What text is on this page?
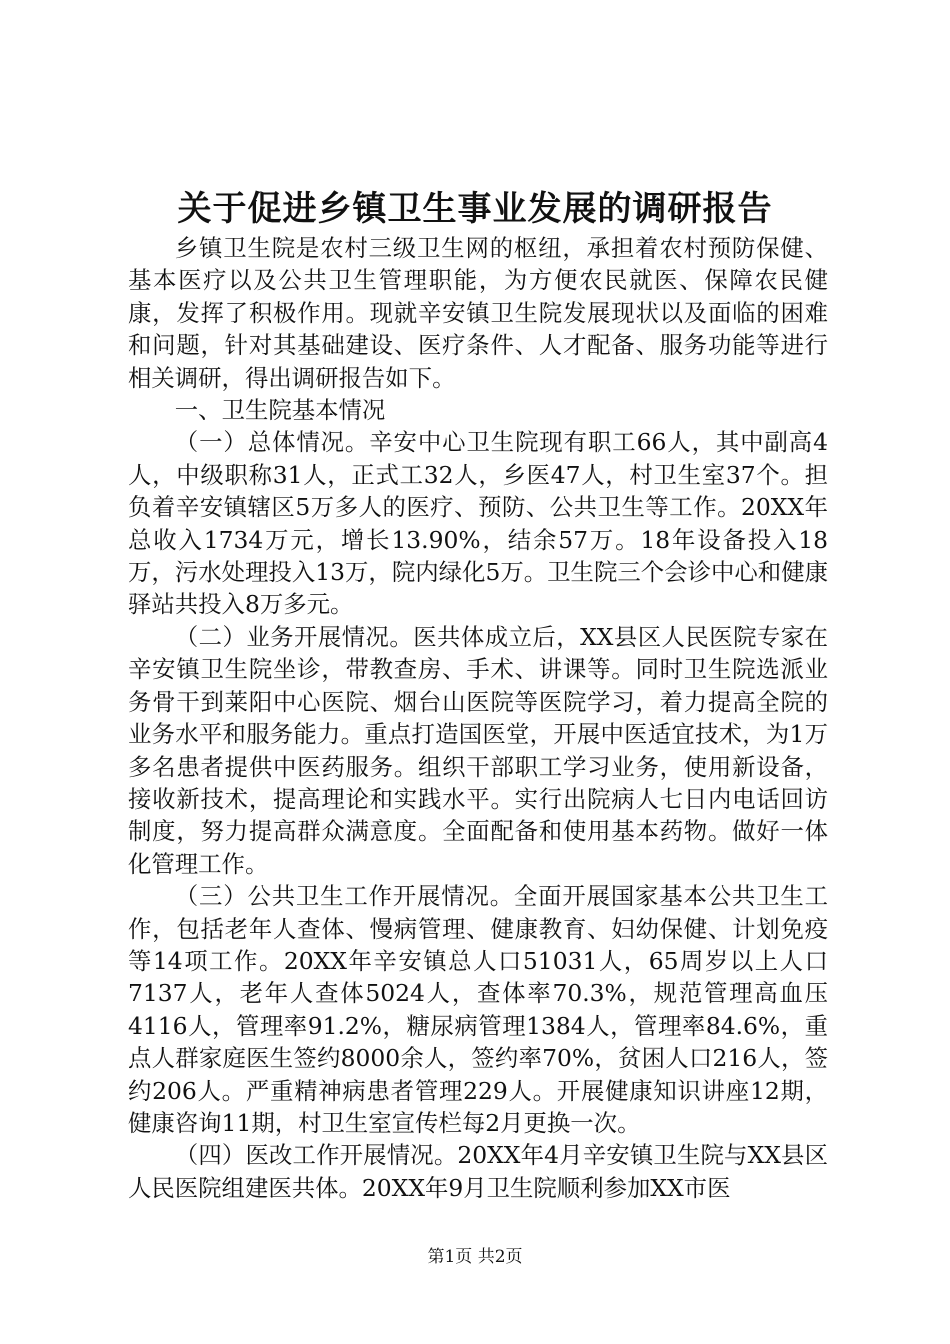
关于促进乡镇卫生事业发展的调研报告

乡镇卫生院是农村三级卫生网的枢纽，承担着农村预防保健、基本医疗以及公共卫生管理职能，为方便农民就医、保障农民健康，发挥了积极作用。现就辛安镇卫生院发展现状以及面临的困难和问题，针对其基础建设、医疗条件、人才配备、服务功能等进行相关调研，得出调研报告如下。

一、卫生院基本情况

（一）总体情况。辛安中心卫生院现有职工66人，其中副高4人，中级职称31人，正式工32人，乡医47人，村卫生室37个。担负着辛安镇辖区5万多人的医疗、预防、公共卫生等工作。20XX年总收入1734万元，增长13.90%，结余57万。18年设备投入18万，污水处理投入13万，院内绿化5万。卫生院三个会诊中心和健康驿站共投入8万多元。

（二）业务开展情况。医共体成立后，XX县区人民医院专家在辛安镇卫生院坐诊，带教查房、手术、讲课等。同时卫生院选派业务骨干到莱阳中心医院、烟台山医院等医院学习，着力提高全院的业务水平和服务能力。重点打造国医堂，开展中医适宜技术，为1万多名患者提供中医药服务。组织干部职工学习业务，使用新设备，接收新技术，提高理论和实践水平。实行出院病人七日内电话回访制度，努力提高群众满意度。全面配备和使用基本药物。做好一体化管理工作。

（三）公共卫生工作开展情况。全面开展国家基本公共卫生工作，包括老年人查体、慢病管理、健康教育、妇幼保健、计划免疫等14项工作。20XX年辛安镇总人口51031人，65周岁以上人口7137人，老年人查体5024人，查体率70.3%，规范管理高血压4116人，管理率91.2%，糖尿病管理1384人，管理率84.6%，重点人群家庭医生签约8000余人，签约率70%，贫困人口216人，签约206人。严重精神病患者管理229人。开展健康知识讲座12期，健康咨询11期，村卫生室宣传栏每2月更换一次。

（四）医改工作开展情况。20XX年4月辛安镇卫生院与XX县区人民医院组建医共体。20XX年9月卫生院顺利参加XX市医

第1页 共2页
